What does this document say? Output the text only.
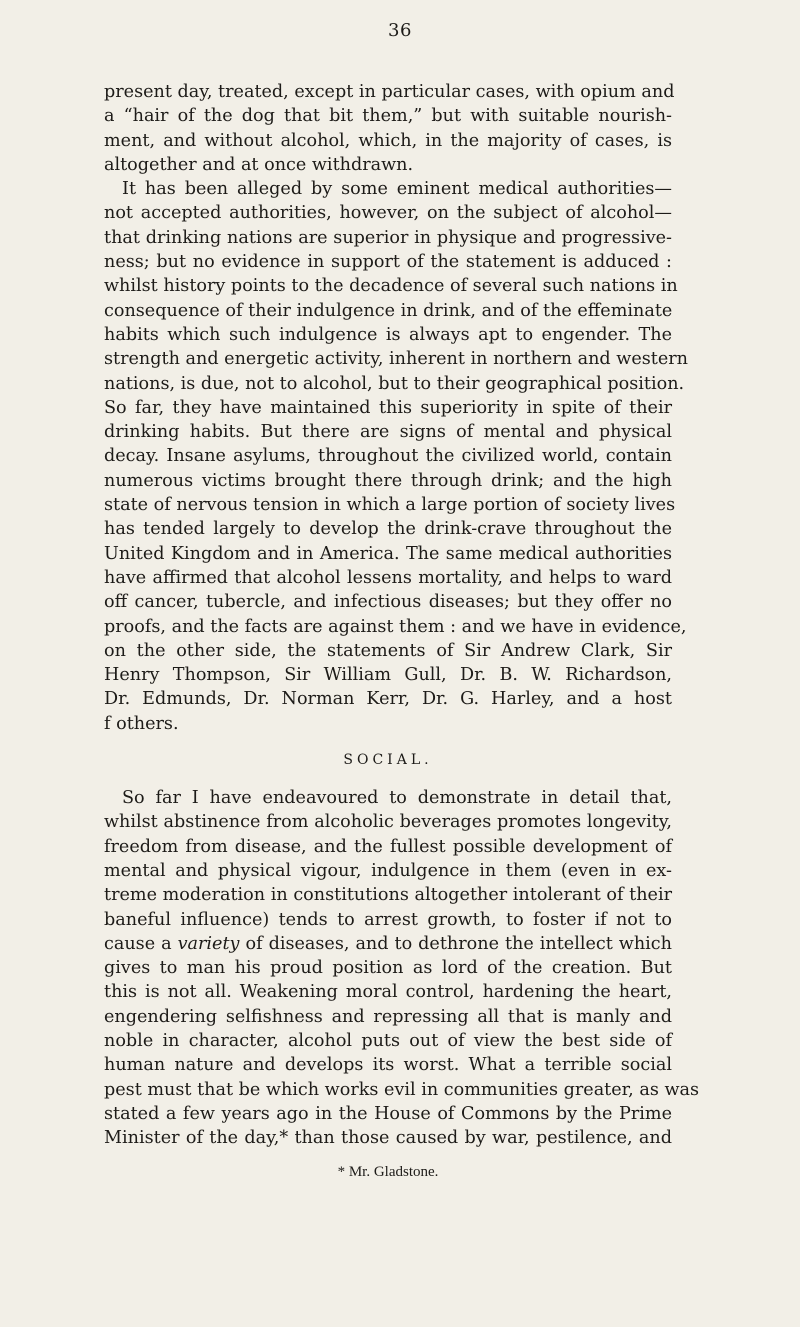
36
present day, treated, except in particular cases, with opium and
a “hair of the dog that bit them,” but with suitable nourish-
ment, and without alcohol, which, in the majority of cases, is
altogether and at once withdrawn.
It has been alleged by some eminent medical authorities—
not accepted authorities, however, on the subject of alcohol—
that drinking nations are superior in physique and progressive-
ness; but no evidence in support of the statement is adduced :
whilst history points to the decadence of several such nations in
consequence of their indulgence in drink, and of the effeminate
habits which such indulgence is always apt to engender. The
strength and energetic activity, inherent in northern and western
nations, is due, not to alcohol, but to their geographical position.
So far, they have maintained this superiority in spite of their
drinking habits. But there are signs of mental and physical
decay. Insane asylums, throughout the civilized world, contain
numerous victims brought there through drink; and the high
state of nervous tension in which a large portion of society lives
has tended largely to develop the drink-crave throughout the
United Kingdom and in America. The same medical authorities
have affirmed that alcohol lessens mortality, and helps to ward
off cancer, tubercle, and infectious diseases; but they offer no
proofs, and the facts are against them : and we have in evidence,
on the other side, the statements of Sir Andrew Clark, Sir
Henry Thompson, Sir William Gull, Dr. B. W. Richardson,
Dr. Edmunds, Dr. Norman Kerr, Dr. G. Harley, and a host
f others.
SOCIAL.
So far I have endeavoured to demonstrate in detail that,
whilst abstinence from alcoholic beverages promotes longevity,
freedom from disease, and the fullest possible development of
mental and physical vigour, indulgence in them (even in ex-
treme moderation in constitutions altogether intolerant of their
baneful influence) tends to arrest growth, to foster if not to
cause a variety of diseases, and to dethrone the intellect which
gives to man his proud position as lord of the creation. But
this is not all. Weakening moral control, hardening the heart,
engendering selfishness and repressing all that is manly and
noble in character, alcohol puts out of view the best side of
human nature and develops its worst. What a terrible social
pest must that be which works evil in communities greater, as was
stated a few years ago in the House of Commons by the Prime
Minister of the day,* than those caused by war, pestilence, and
* Mr. Gladstone.
